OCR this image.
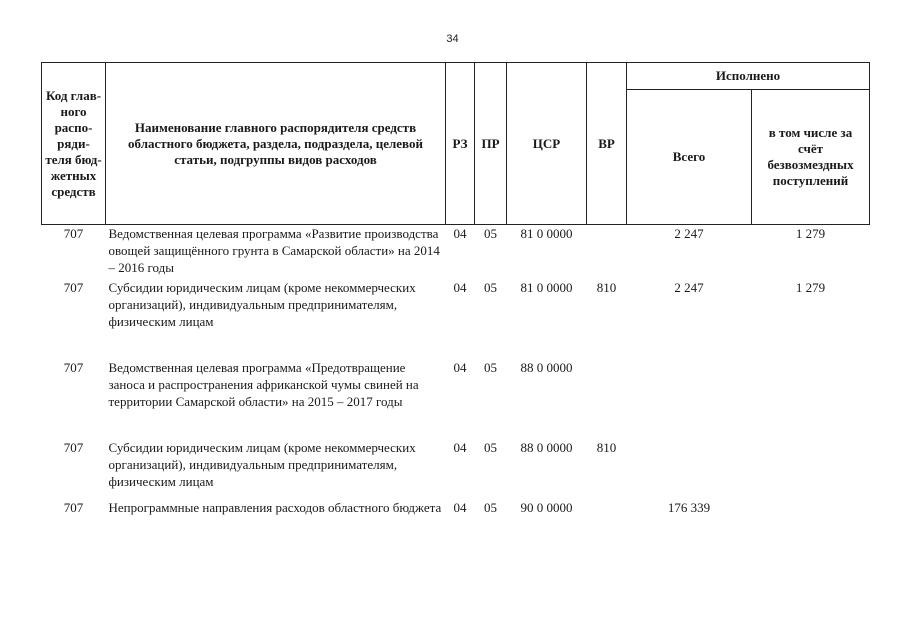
34
Код глав-ного распо-ряди-теля бюд-жетных средств	Наименование главного распорядителя средств областного бюджета, раздела, подраздела, целевой статьи, подгруппы видов расходов	РЗ	ПР	ЦСР	ВР	Исполнено	
						Всего	в том числе за счёт безвозмездных поступлений
707	Ведомственная целевая программа «Развитие производства овощей защищённого грунта в Самарской области» на 2014 – 2016 годы	04	05	81 0 0000		2 247	1 279
707	Субсидии юридическим лицам (кроме некоммерческих организаций), индивидуальным предпринимателям, физическим лицам	04	05	81 0 0000	810	2 247	1 279
707	Ведомственная целевая программа «Предотвращение заноса и распространения африканской чумы свиней на территории Самарской области» на 2015 – 2017 годы	04	05	88 0 0000			
707	Субсидии юридическим лицам (кроме некоммерческих организаций), индивидуальным предпринимателям, физическим лицам	04	05	88 0 0000	810		
707	Непрограммные направления расходов областного бюджета	04	05	90 0 0000		176 339	
